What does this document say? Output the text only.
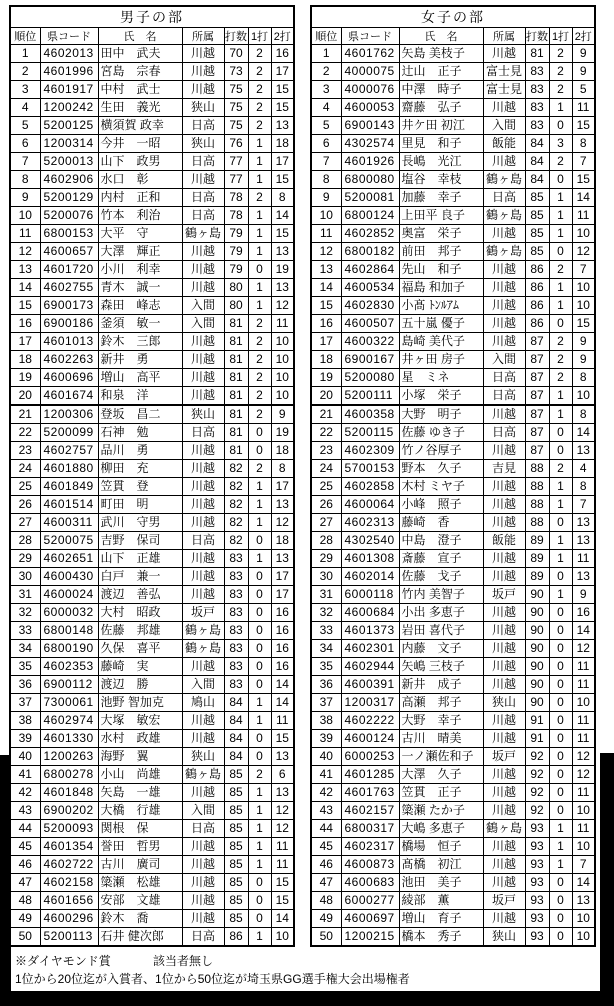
男子の部						
順位	県コード	氏　名	所属	打数	1打	2打
1	4602013	田中　武夫	川越	70	2	16
2	4601996	宮島　宗春	川越	73	2	17
3	4601917	中村　武士	川越	75	2	15
4	1200242	生田　義光	狭山	75	2	15
5	5200125	横須賀 政幸	日高	75	2	13
6	1200314	今井　一昭	狭山	76	1	18
7	5200013	山下　政男	日高	77	1	17
8	4602906	水口　彰	川越	77	1	15
9	5200129	内村　正和	日高	78	2	8
10	5200076	竹本　利治	日高	78	1	14
11	6800153	大平　守	鶴ヶ島	79	1	15
12	4600657	大澤　輝正	川越	79	1	13
13	4601720	小川　利幸	川越	79	0	19
14	4602755	青木　誠一	川越	80	1	13
15	6900173	森田　峰志	入間	80	1	12
16	6900186	釜須　敏一	入間	81	2	11
17	4601013	鈴木　三郎	川越	81	2	10
18	4602263	新井　勇	川越	81	2	10
19	4600696	増山　高平	川越	81	2	10
20	4601674	和泉　洋	川越	81	2	10
21	1200306	登坂　昌二	狭山	81	2	9
22	5200099	石神　勉	日高	81	0	19
23	4602757	品川　勇	川越	81	0	18
24	4601880	柳田　充	川越	82	2	8
25	4601849	笠貫　登	川越	82	1	17
26	4601514	町田　明	川越	82	1	13
27	4600311	武川　守男	川越	82	1	12
28	5200075	吉野　保司	日高	82	0	18
29	4602651	山下　正雄	川越	83	1	13
30	4600430	白戸　兼一	川越	83	0	17
31	4600024	渡辺　善弘	川越	83	0	17
32	6000032	大村　昭政	坂戸	83	0	16
33	6800148	佐藤　邦雄	鶴ヶ島	83	0	16
34	6800190	久保　喜平	鶴ヶ島	83	0	16
35	4602353	藤崎　実	川越	83	0	16
36	6900112	渡辺　勝	入間	83	0	14
37	7300061	池野 智加克	鳩山	84	1	14
38	4602974	大塚　敏宏	川越	84	1	11
39	4601330	水村　政雄	川越	84	0	15
40	1200263	海野　翼	狭山	84	0	13
41	6800278	小山　尚雄	鶴ヶ島	85	2	6
42	4601848	矢島　一雄	川越	85	1	13
43	6900202	大橋　行雄	入間	85	1	12
44	5200093	関根　保	日高	85	1	12
45	4601354	誉田　哲男	川越	85	1	11
46	4602722	古川　廣司	川越	85	1	11
47	4602158	簗瀬　松雄	川越	85	0	15
48	4601656	安部　文雄	川越	85	0	15
49	4600296	鈴木　喬	川越	85	0	14
50	5200113	石井 健次郎	日高	86	1	10
女子の部						
順位	県コード	氏　名	所属	打数	1打	2打
1	4601762	矢島 美枝子	川越	81	2	9
2	4000075	辻山　正子	富士見	83	2	9
3	4000076	中澤　時子	富士見	83	2	5
4	4600053	齋藤　弘子	川越	83	1	11
5	6900143	井ケ田 初江	入間	83	0	15
6	4302574	里見　和子	飯能	84	3	8
7	4601926	長嶋　光江	川越	84	2	7
8	6800080	塩谷　幸枝	鶴ヶ島	84	0	15
9	5200081	加藤　幸子	日高	85	1	14
10	6800124	上田平 良子	鶴ヶ島	85	1	11
11	4602852	奥富　栄子	川越	85	1	10
12	6800182	前田　邦子	鶴ヶ島	85	0	12
13	4602864	先山　和子	川越	86	2	7
14	4600534	福島 和加子	川越	86	1	10
15	4602830	小髙 ﾄﾝﾙｱﾑ	川越	86	1	10
16	4600507	五十嵐 優子	川越	86	0	15
17	4600322	島崎 美代子	川越	87	2	9
18	6900167	井ヶ田 房子	入間	87	2	9
19	5200080	星　ミネ	日高	87	2	8
20	5200111	小塚　栄子	日高	87	1	10
21	4600358	大野　明子	川越	87	1	8
22	5200115	佐藤 ゆき子	日高	87	0	14
23	4602309	竹ノ谷厚子	川越	87	0	13
24	5700153	野本　久子	吉見	88	2	4
25	4602858	木村 ミヤ子	川越	88	1	8
26	4600064	小峰　照子	川越	88	1	7
27	4602313	藤崎　香	川越	88	0	13
28	4302540	中島　澄子	飯能	89	1	13
29	4601308	斎藤　宣子	川越	89	1	11
30	4602014	佐藤　戈子	川越	89	0	13
31	6000118	竹内 美智子	坂戸	90	1	9
32	4600684	小出 多恵子	川越	90	0	16
33	4601373	岩田 喜代子	川越	90	0	14
34	4602301	内藤　文子	川越	90	0	12
35	4602944	矢嶋 三枝子	川越	90	0	11
36	4600391	新井　成子	川越	90	0	11
37	1200317	高瀬　邦子	狭山	90	0	10
38	4602222	大野　幸子	川越	91	0	11
39	4600124	古川　晴美	川越	91	0	11
40	6000253	一ノ瀬佐和子	坂戸	92	0	12
41	4601285	大澤　久子	川越	92	0	12
42	4601763	笠貫　正子	川越	92	0	11
43	4602157	簗瀬 たか子	川越	92	0	10
44	6800317	大嶋 多恵子	鶴ヶ島	93	1	11
45	4602317	橋場　恒子	川越	93	1	10
46	4600873	髙橋　初江	川越	93	1	7
47	4600683	池田　美子	川越	93	0	14
48	6000277	綾部　薫	坂戸	93	0	13
49	4600697	増山　育子	川越	93	0	10
50	1200215	橋本　秀子	狭山	93	0	10
※ダイヤモンド賞	該当者無し
1位から20位迄が入賞者、1位から50位迄が埼玉県GG選手権大会出場権者
